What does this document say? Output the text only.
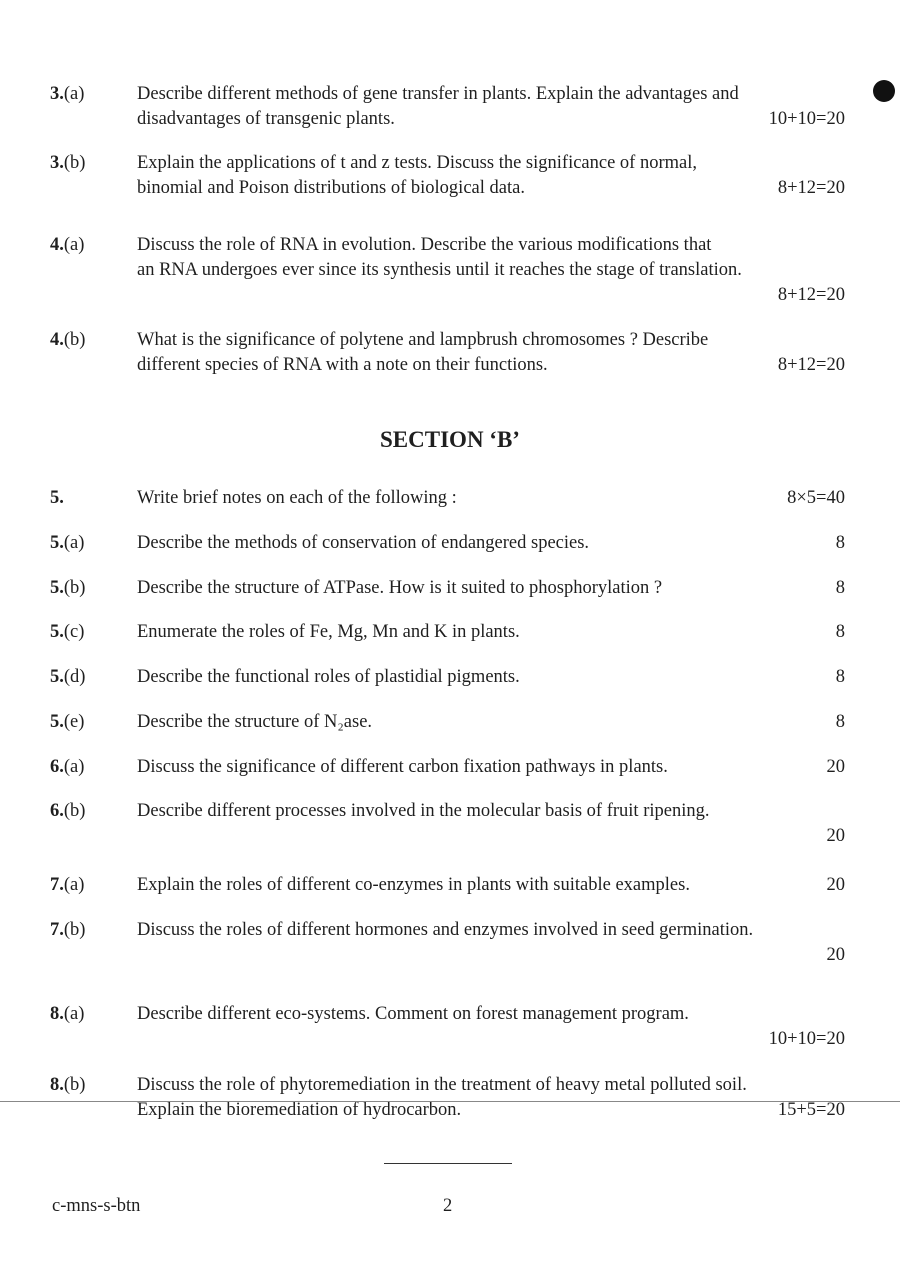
3.(a)	Describe different methods of gene transfer in plants. Explain the advantages and
disadvantages of transgenic plants.	10+10=20
3.(b)	Explain the applications of t and z tests. Discuss the significance of normal,
binomial and Poison distributions of biological data.	8+12=20
4.(a)	Discuss the role of RNA in evolution. Describe the various modifications that
an RNA undergoes ever since its synthesis until it reaches the stage of translation.
8+12=20
4.(b)	What is the significance of polytene and lampbrush chromosomes ? Describe
different species of RNA with a note on their functions.	8+12=20
5.	Write brief notes on each of the following :	8×5=40
5.(a)	Describe the methods of conservation of endangered species.	8
5.(b)	Describe the structure of ATPase. How is it suited to phosphorylation ?	8
5.(c)	Enumerate the roles of Fe, Mg, Mn and K in plants.	8
5.(d)	Describe the functional roles of plastidial pigments.	8
5.(e)	Describe the structure of N₂ase.	8
6.(a)	Discuss the significance of different carbon fixation pathways in plants.	20
6.(b)	Describe different processes involved in the molecular basis of fruit ripening.
20
7.(a)	Explain the roles of different co-enzymes in plants with suitable examples.	20
7.(b)	Discuss the roles of different hormones and enzymes involved in seed germination.
20
8.(a)	Describe different eco-systems. Comment on forest management program.
10+10=20
8.(b)	Discuss the role of phytoremediation in the treatment of heavy metal polluted soil.
Explain the bioremediation of hydrocarbon.	15+5=20
SECTION ‘B’
c-mns-s-btn	2
